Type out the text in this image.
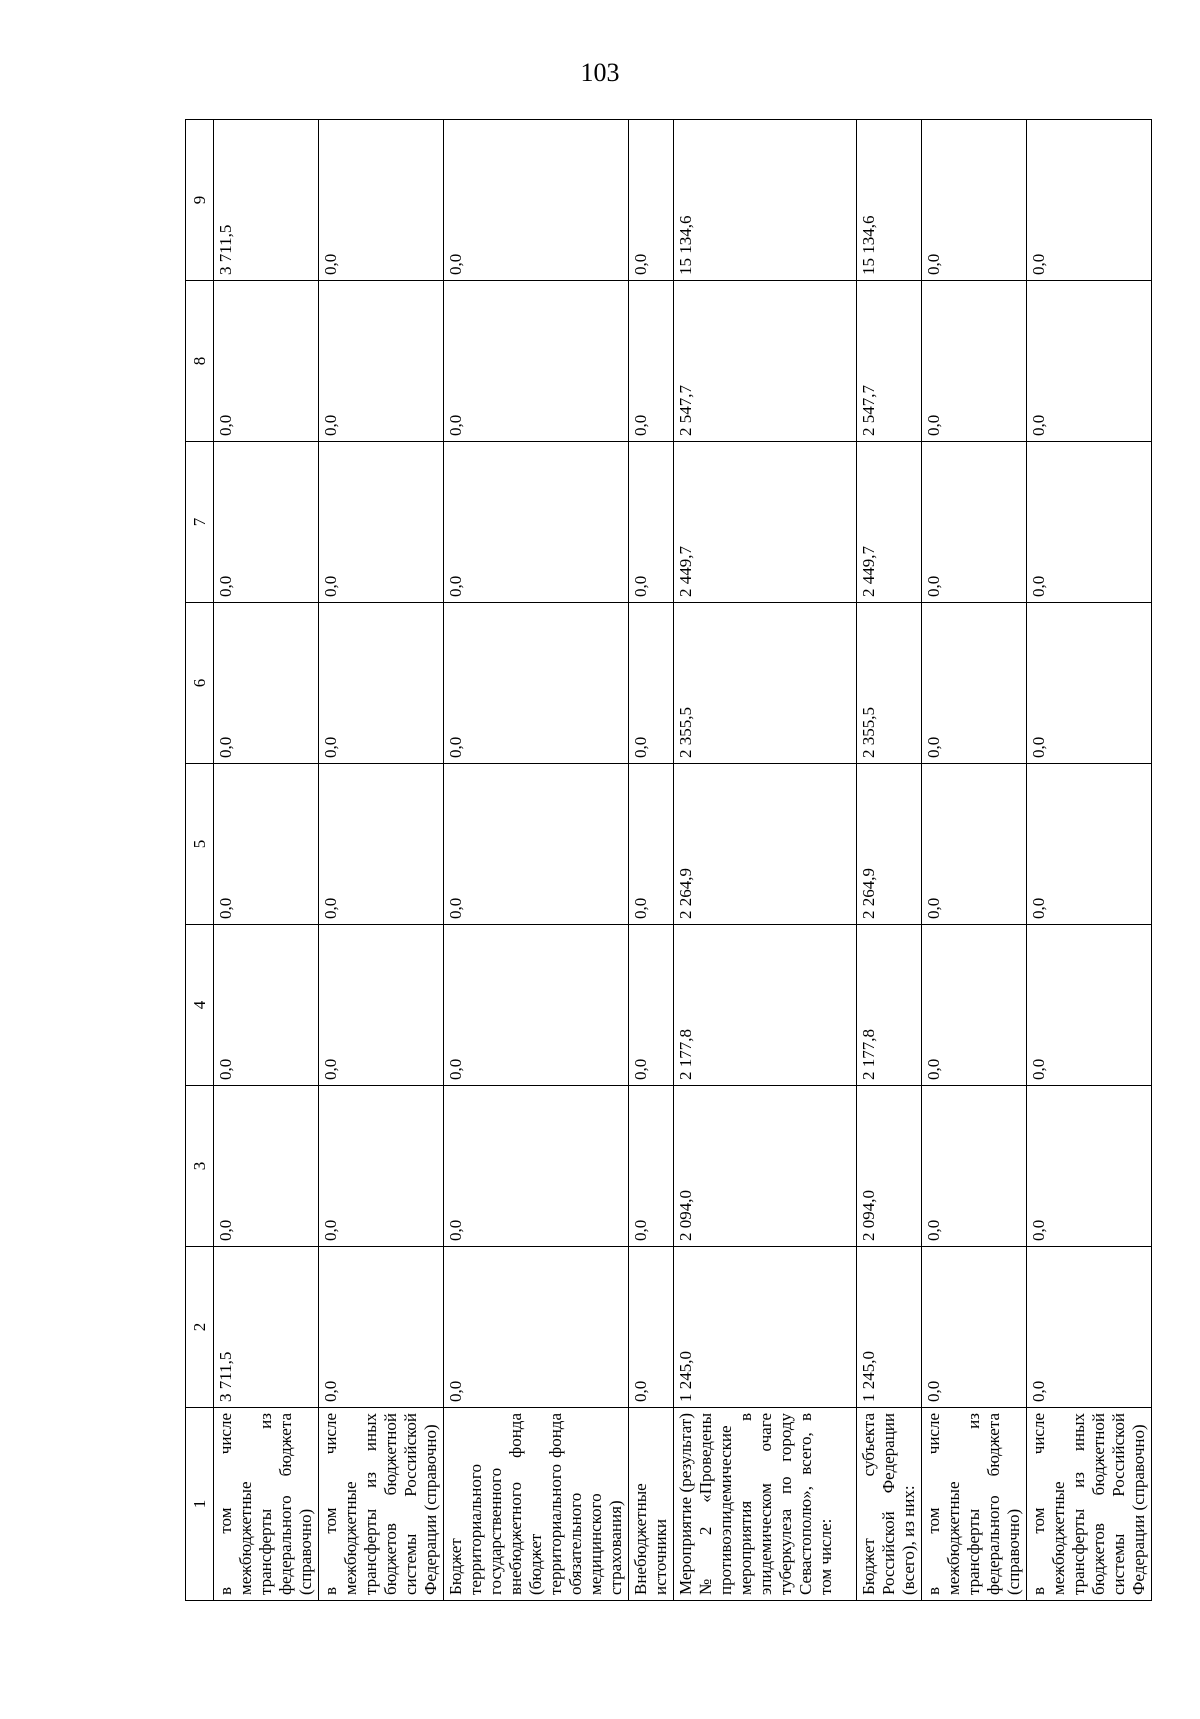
103
1	2	3	4	5	6	7	8	9
в том числе межбюджетные трансферты из федерального бюджета (справочно)	3 711,5	0,0	0,0	0,0	0,0	0,0	0,0	3 711,5
в том числе межбюджетные трансферты из иных бюджетов бюджетной системы Российской Федерации (справочно)	0,0	0,0	0,0	0,0	0,0	0,0	0,0	0,0
Бюджет территориального государственного внебюджетного фонда (бюджет территориального фонда обязательного медицинского страхования)	0,0	0,0	0,0	0,0	0,0	0,0	0,0	0,0
Внебюджетные источники	0,0	0,0	0,0	0,0	0,0	0,0	0,0	0,0
Мероприятие (результат) № 2 «Проведены противоэпидемические мероприятия в эпидемическом очаге туберкулеза по городу Севастополю», всего, в том числе:	1 245,0	2 094,0	2 177,8	2 264,9	2 355,5	2 449,7	2 547,7	15 134,6
Бюджет субъекта Российской Федерации (всего), из них:	1 245,0	2 094,0	2 177,8	2 264,9	2 355,5	2 449,7	2 547,7	15 134,6
в том числе межбюджетные трансферты из федерального бюджета (справочно)	0,0	0,0	0,0	0,0	0,0	0,0	0,0	0,0
в том числе межбюджетные трансферты из иных бюджетов бюджетной системы Российской Федерации (справочно)	0,0	0,0	0,0	0,0	0,0	0,0	0,0	0,0
